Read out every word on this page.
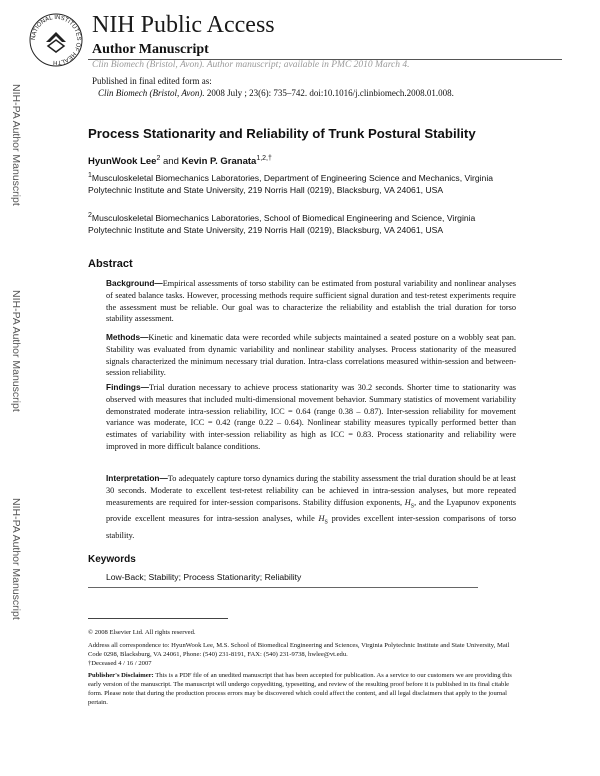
NATIONAL INSTITUTES OF HEALTH
NIH Public Access
Author Manuscript
Clin Biomech (Bristol, Avon). Author manuscript; available in PMC 2010 March 4.
Published in final edited form as:
Clin Biomech (Bristol, Avon). 2008 July ; 23(6): 735–742. doi:10.1016/j.clinbiomech.2008.01.008.
NIH-PA Author Manuscript
NIH-PA Author Manuscript
NIH-PA Author Manuscript
Process Stationarity and Reliability of Trunk Postural Stability
HyunWook Lee$^2$ and Kevin P. Granata$^{1,2,\dagger}$
$^1$Musculoskeletal Biomechanics Laboratories, Department of Engineering Science and Mechanics, Virginia Polytechnic Institute and State University, 219 Norris Hall (0219), Blacksburg, VA 24061, USA
$^2$Musculoskeletal Biomechanics Laboratories, School of Biomedical Engineering and Science, Virginia Polytechnic Institute and State University, 219 Norris Hall (0219), Blacksburg, VA 24061, USA
Abstract
Background—Empirical assessments of torso stability can be estimated from postural variability and nonlinear analyses of seated balance tasks. However, processing methods require sufficient signal duration and test-retest experiments require the assessment must be reliable. Our goal was to characterize the reliability and establish the trial duration for torso stability assessment.
Methods—Kinetic and kinematic data were recorded while subjects maintained a seated posture on a wobbly seat pan. Stability was evaluated from dynamic variability and nonlinear stability analyses. Process stationarity of the measured signals characterized the minimum necessary trial duration. Intra-class correlations measured within-session and between-session reliability.
Findings—Trial duration necessary to achieve process stationarity was 30.2 seconds. Shorter time to stationarity was observed with measures that included multi-dimensional movement behavior. Summary statistics of movement variability demonstrated moderate intra-session reliability, ICC = 0.64 (range 0.38 – 0.87). Inter-session reliability for movement variance was moderate, ICC = 0.42 (range 0.22 – 0.64). Nonlinear stability measures typically performed better than estimates of variability with inter-session reliability as high as ICC = 0.83. Process stationarity and reliability were improved in more difficult balance conditions.
Interpretation—To adequately capture torso dynamics during the stability assessment the trial duration should be at least 30 seconds. Moderate to excellent test-retest reliability can be achieved in intra-session analyses, but more repeated measurements are required for inter-session comparisons. Stability diffusion exponents, $H_S$, and the Lyapunov exponents provide excellent measures for intra-session analyses, while $H_S$ provides excellent inter-session comparisons of torso stability.
Keywords
Low-Back; Stability; Process Stationarity; Reliability
© 2008 Elsevier Ltd. All rights reserved.
Address all correspondence to: HyunWook Lee, M.S. School of Biomedical Engineering and Sciences, Virginia Polytechnic Institute and State University, Mail Code 0298, Blacksburg, VA 24061, Phone: (540) 231-8191, FAX: (540) 231-9738, hwlee@vt.edu.
†Deceased 4 / 16 / 2007
Publisher's Disclaimer: This is a PDF file of an unedited manuscript that has been accepted for publication. As a service to our customers we are providing this early version of the manuscript. The manuscript will undergo copyediting, typesetting, and review of the resulting proof before it is published in its final citable form. Please note that during the production process errors may be discovered which could affect the content, and all legal disclaimers that apply to the journal pertain.
